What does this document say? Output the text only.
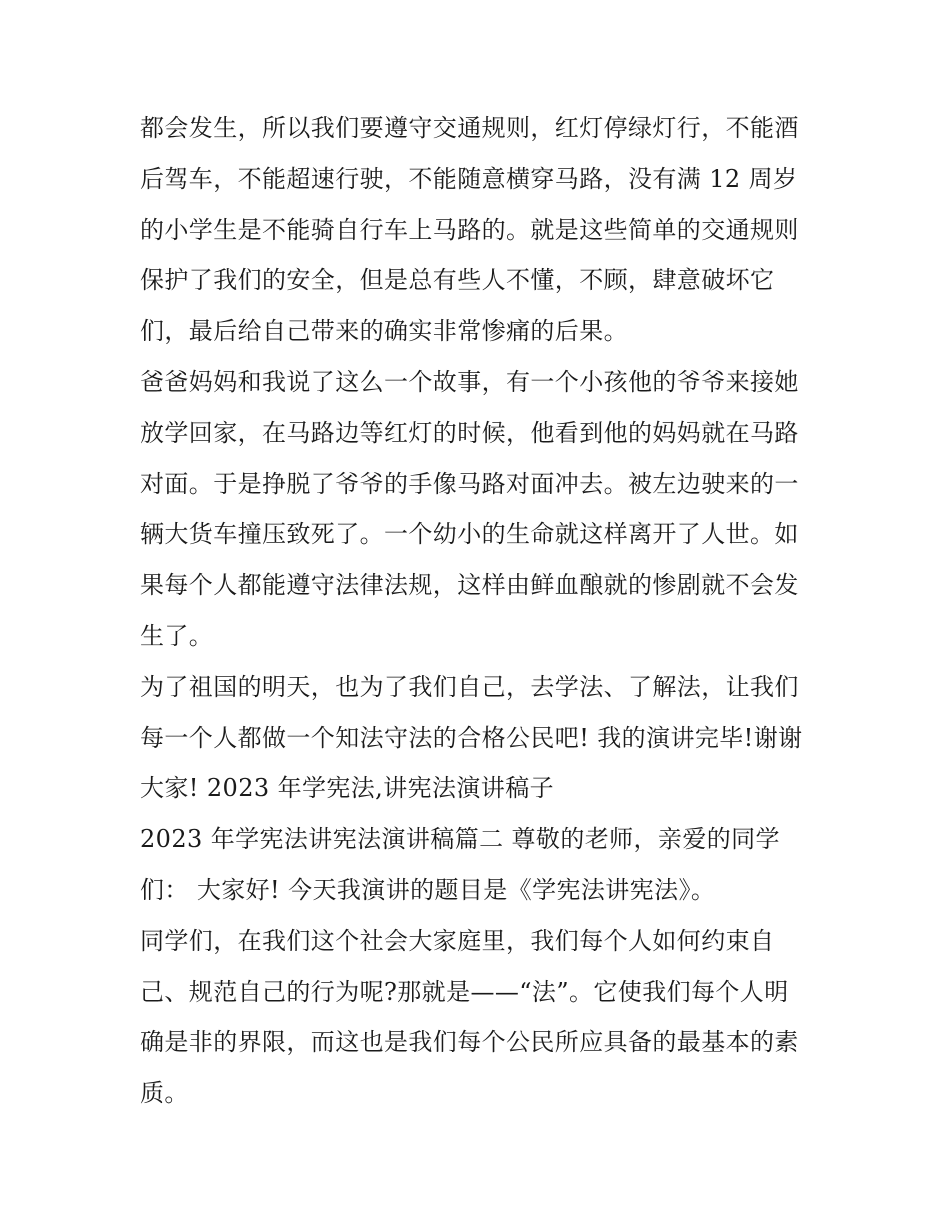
都会发生，所以我们要遵守交通规则，红灯停绿灯行，不能酒
后驾车，不能超速行驶，不能随意横穿马路，没有满 12 周岁
的小学生是不能骑自行车上马路的。就是这些简单的交通规则
保护了我们的安全，但是总有些人不懂，不顾，肆意破坏它
们，最后给自己带来的确实非常惨痛的后果。
爸爸妈妈和我说了这么一个故事，有一个小孩他的爷爷来接她
放学回家，在马路边等红灯的时候，他看到他的妈妈就在马路
对面。于是挣脱了爷爷的手像马路对面冲去。被左边驶来的一
辆大货车撞压致死了。一个幼小的生命就这样离开了人世。如
果每个人都能遵守法律法规，这样由鲜血酿就的惨剧就不会发
生了。
为了祖国的明天，也为了我们自己，去学法、了解法，让我们
每一个人都做一个知法守法的合格公民吧! 我的演讲完毕!谢谢
大家! 2023 年学宪法,讲宪法演讲稿子
2023 年学宪法讲宪法演讲稿篇二 尊敬的老师，亲爱的同学
们： 大家好! 今天我演讲的题目是《学宪法讲宪法》。
同学们，在我们这个社会大家庭里，我们每个人如何约束自
己、规范自己的行为呢?那就是——“法”。它使我们每个人明
确是非的界限，而这也是我们每个公民所应具备的最基本的素
质。
